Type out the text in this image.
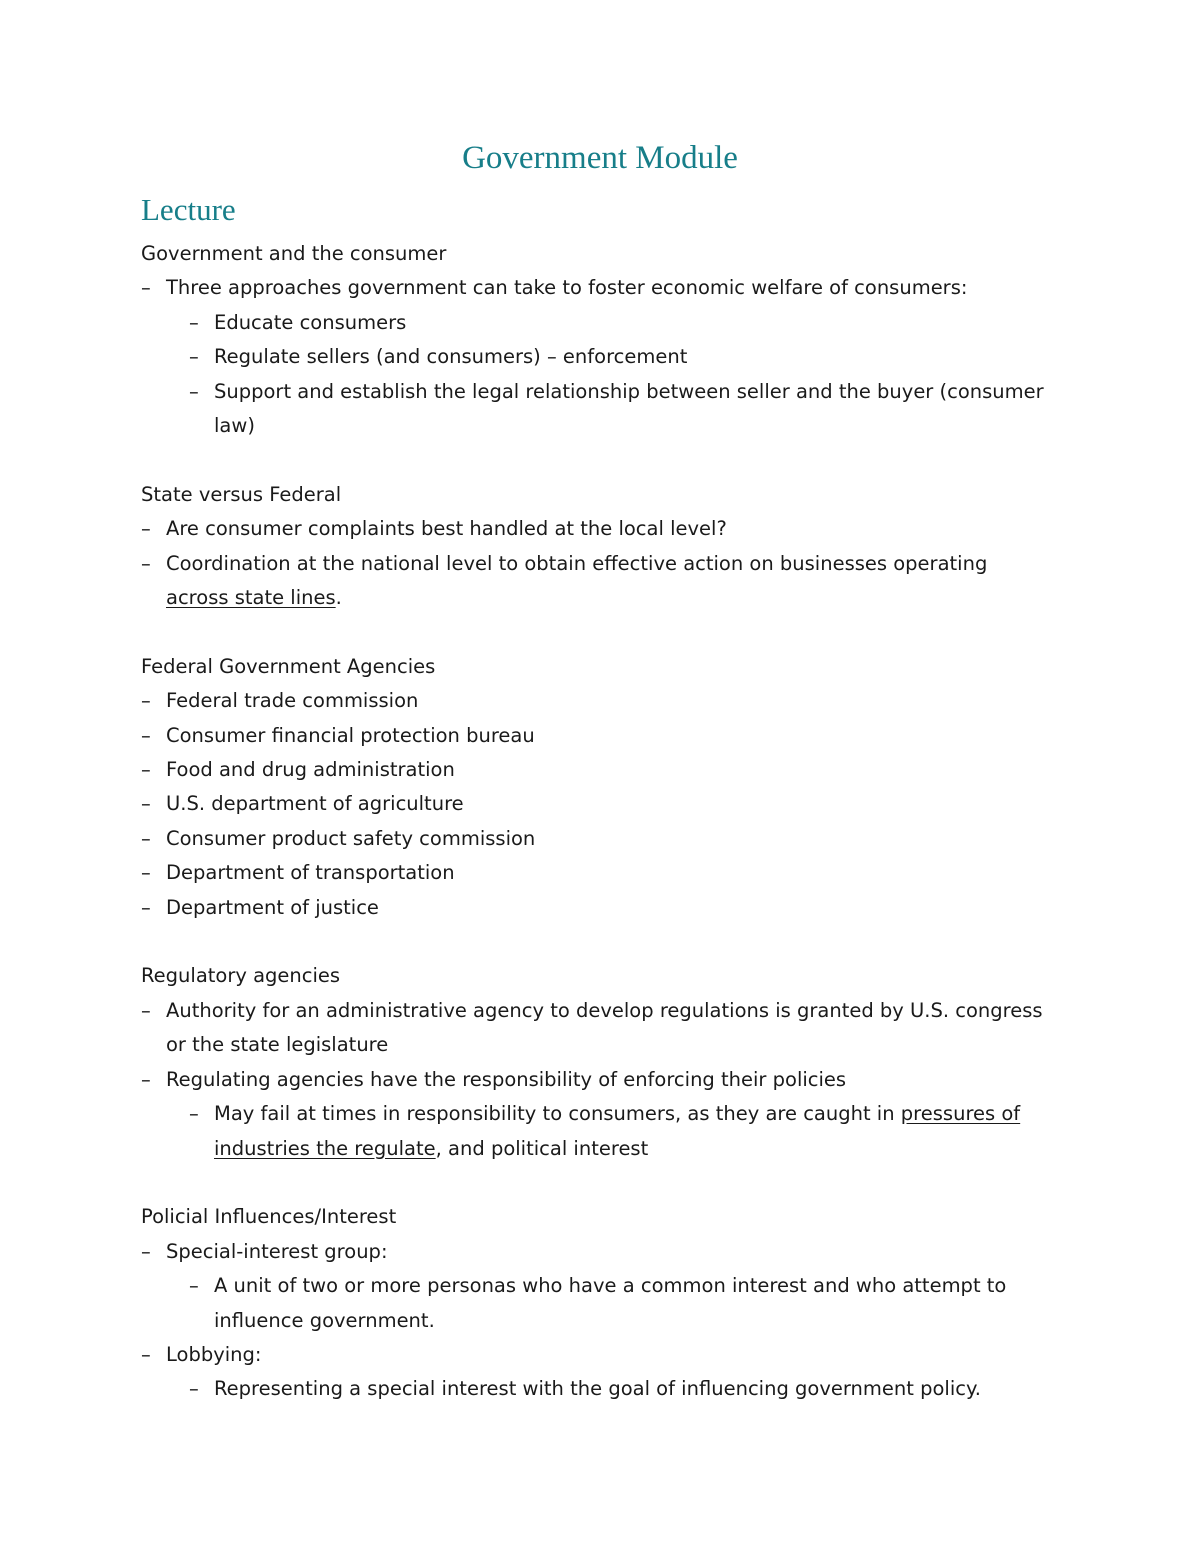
Government Module
Lecture

Government and the consumer

– Three approaches government can take to foster economic welfare of consumers:
– Educate consumers
– Regulate sellers (and consumers) – enforcement
– Support and establish the legal relationship between seller and the buyer (consumer law)

State versus Federal

– Are consumer complaints best handled at the local level?
– Coordination at the national level to obtain effective action on businesses operating across state lines.

Federal Government Agencies

– Federal trade commission
– Consumer financial protection bureau
– Food and drug administration
– U.S. department of agriculture
– Consumer product safety commission
– Department of transportation
– Department of justice

Regulatory agencies

– Authority for an administrative agency to develop regulations is granted by U.S. congress or the state legislature
– Regulating agencies have the responsibility of enforcing their policies
– May fail at times in responsibility to consumers, as they are caught in pressures of industries the regulate, and political interest

Policial Influences/Interest

– Special-interest group:
– A unit of two or more personas who have a common interest and who attempt to influence government.
– Lobbying:
– Representing a special interest with the goal of influencing government policy.
